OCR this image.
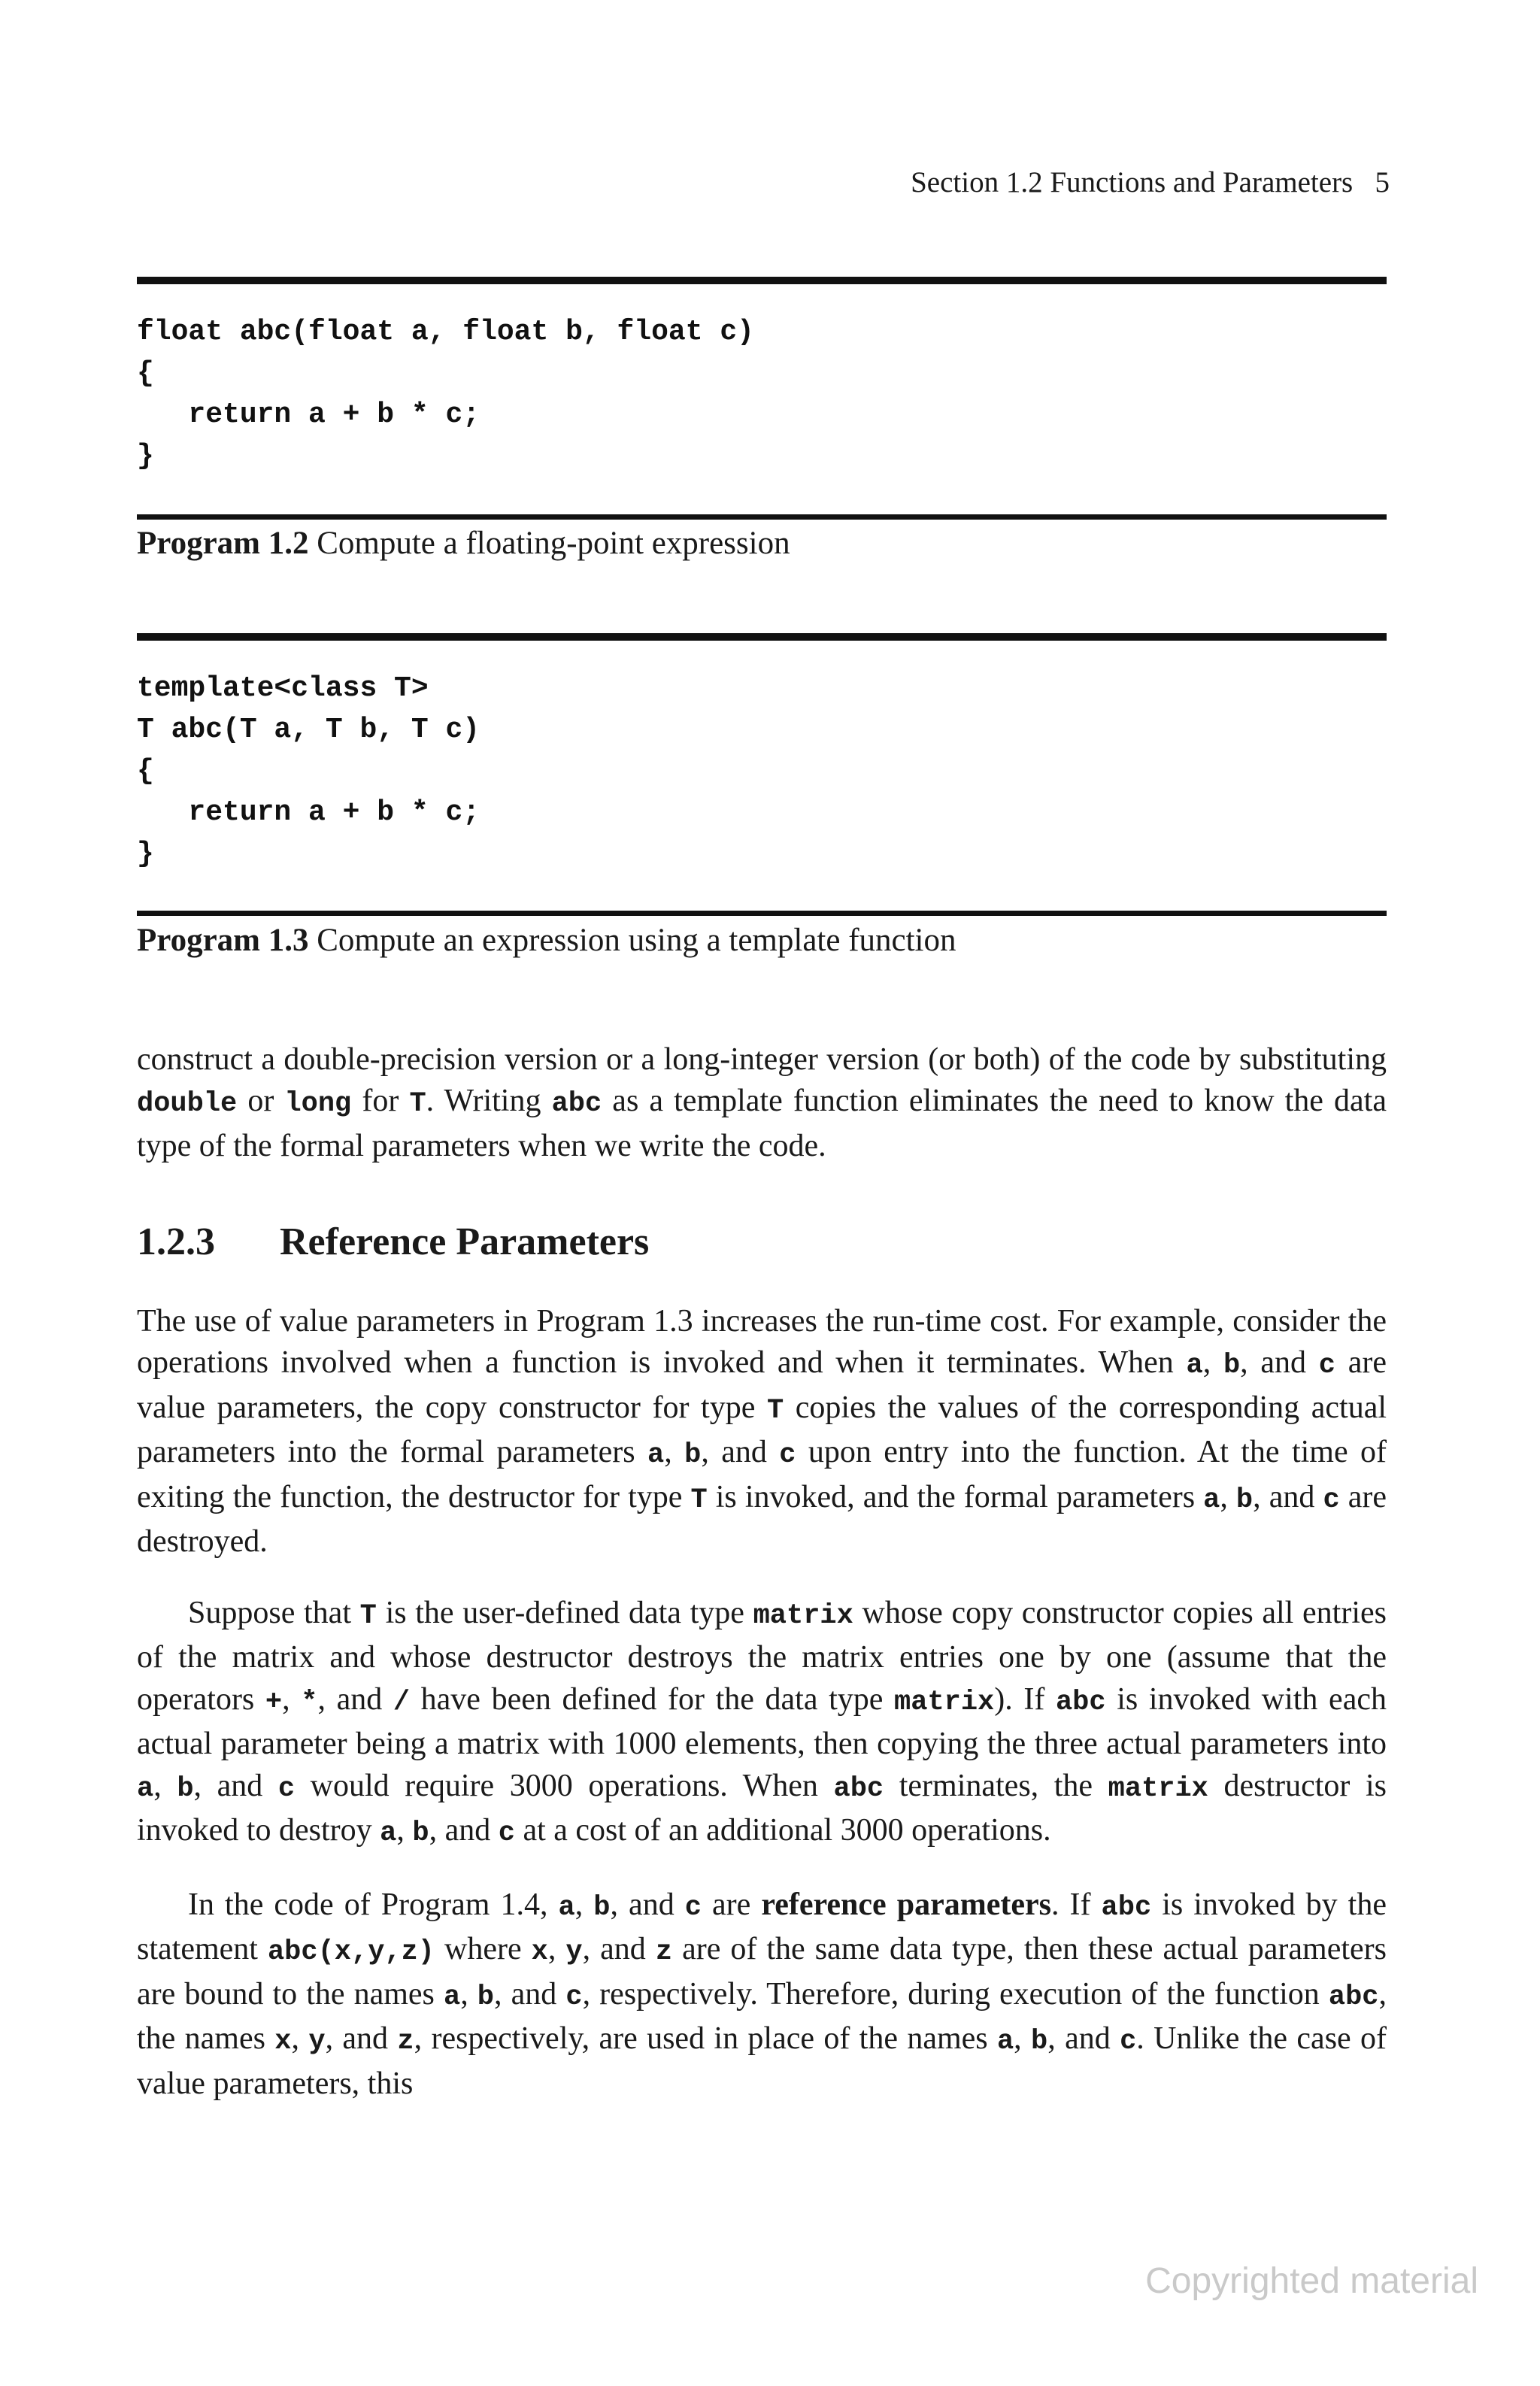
Section 1.2 Functions and Parameters 5
float abc(float a, float b, float c)
{
return a + b * c;
}
Program 1.2 Compute a floating-point expression
template<class T>
T abc(T a, T b, T c)
{
return a + b * c;
}
Program 1.3 Compute an expression using a template function

construct a double-precision version or a long-integer version (or both) of the code by substituting double or long for T. Writing abc as a template function eliminates the need to know the data type of the formal parameters when we write the code.

1.2.3 Reference Parameters

The use of value parameters in Program 1.3 increases the run-time cost. For example, consider the operations involved when a function is invoked and when it terminates. When a, b, and c are value parameters, the copy constructor for type T copies the values of the corresponding actual parameters into the formal parameters a, b, and c upon entry into the function. At the time of exiting the function, the destructor for type T is invoked, and the formal parameters a, b, and c are destroyed.

Suppose that T is the user-defined data type matrix whose copy constructor copies all entries of the matrix and whose destructor destroys the matrix entries one by one (assume that the operators +, *, and / have been defined for the data type matrix). If abc is invoked with each actual parameter being a matrix with 1000 elements, then copying the three actual parameters into a, b, and c would require 3000 operations. When abc terminates, the matrix destructor is invoked to destroy a, b, and c at a cost of an additional 3000 operations.

In the code of Program 1.4, a, b, and c are reference parameters. If abc is invoked by the statement abc(x,y,z) where x, y, and z are of the same data type, then these actual parameters are bound to the names a, b, and c, respectively. Therefore, during execution of the function abc, the names x, y, and z, respectively, are used in place of the names a, b, and c. Unlike the case of value parameters, this

Copyrighted material
